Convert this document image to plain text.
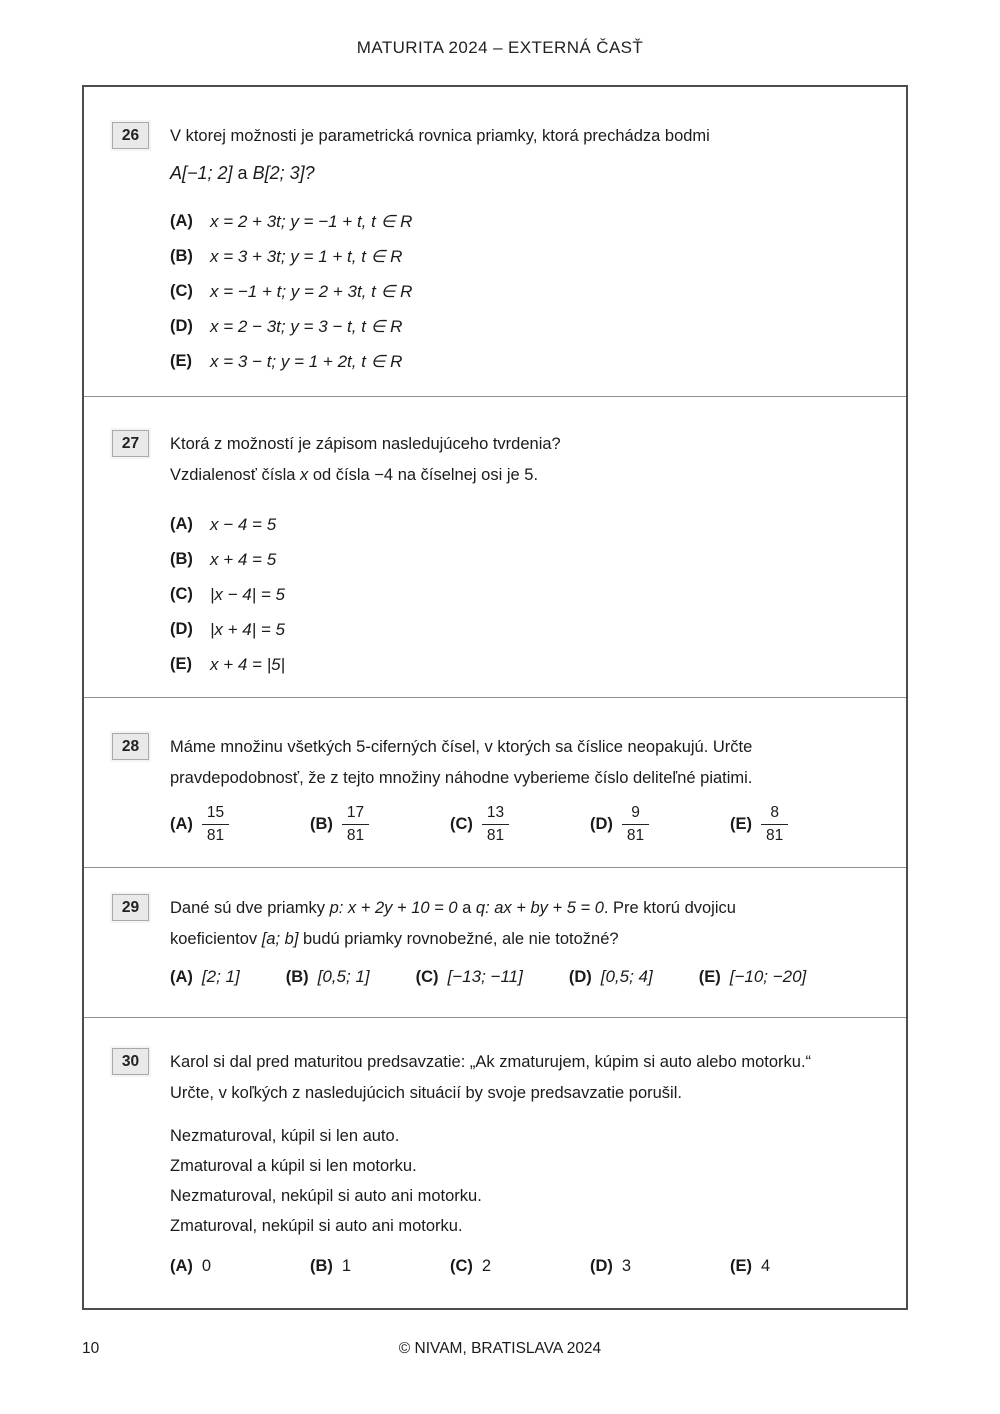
MATURITA 2024 – EXTERNÁ ČASŤ
26	V ktorej možnosti je parametrická rovnica priamky, ktorá prechádza bodmi
A[−1; 2] a B[2; 3]?
(A)	x = 2 + 3t; y = −1 + t, t ∈ R
(B)	x = 3 + 3t; y = 1 + t, t ∈ R
(C)	x = −1 + t; y = 2 + 3t, t ∈ R
(D)	x = 2 − 3t; y = 3 − t, t ∈ R
(E)	x = 3 − t; y = 1 + 2t, t ∈ R
27	Ktorá z možností je zápisom nasledujúceho tvrdenia?
Vzdialenosť čísla x od čísla −4 na číselnej osi je 5.
(A)	x − 4 = 5
(B)	x + 4 = 5
(C)	|x − 4| = 5
(D)	|x + 4| = 5
(E)	x + 4 = |5|
28	Máme množinu všetkých 5-ciferných čísel, v ktorých sa číslice neopakujú. Určte
pravdepodobnosť, že z tejto množiny náhodne vyberieme číslo deliteľné piatimi.
$(A) \frac{15}{81}$	$(B) \frac{17}{81}$	$(C) \frac{13}{81}$	$(D) \frac{9}{81}$	$(E) \frac{8}{81}$
29	Dané sú dve priamky p: x + 2y + 10 = 0 a q: ax + by + 5 = 0. Pre ktorú dvojicu
koeficientov [a; b] budú priamky rovnobežné, ale nie totožné?
(A) [2; 1]	(B) [0,5; 1]	(C) [−13; −11]	(D) [0,5; 4]	(E) [−10; −20]
30	Karol si dal pred maturitou predsavzatie: „Ak zmaturujem, kúpim si auto alebo motorku.“
Určte, v koľkých z nasledujúcich situácií by svoje predsavzatie porušil.
Nezmaturoval, kúpil si len auto.
Zmaturoval a kúpil si len motorku.
Nezmaturoval, nekúpil si auto ani motorku.
Zmaturoval, nekúpil si auto ani motorku.
(A) 0	(B) 1	(C) 2	(D) 3	(E) 4
10	© NIVAM, BRATISLAVA 2024
